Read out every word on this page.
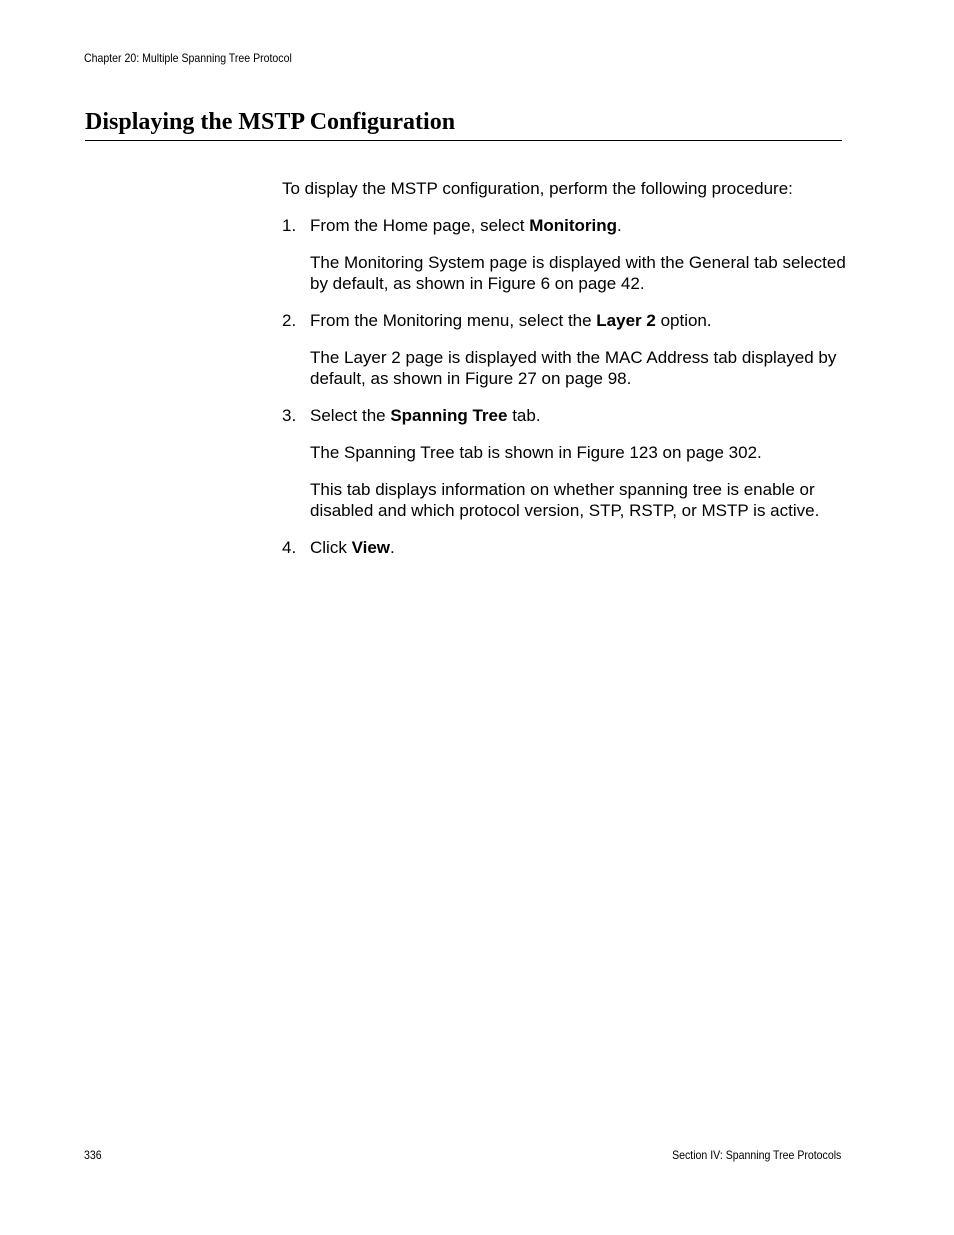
Chapter 20: Multiple Spanning Tree Protocol
Displaying the MSTP Configuration

To display the MSTP configuration, perform the following procedure:

1. From the Home page, select Monitoring.

The Monitoring System page is displayed with the General tab selected by default, as shown in Figure 6 on page 42.

2. From the Monitoring menu, select the Layer 2 option.

The Layer 2 page is displayed with the MAC Address tab displayed by default, as shown in Figure 27 on page 98.

3. Select the Spanning Tree tab.

The Spanning Tree tab is shown in Figure 123 on page 302.

This tab displays information on whether spanning tree is enable or disabled and which protocol version, STP, RSTP, or MSTP is active.

4. Click View.

336	Section IV: Spanning Tree Protocols
